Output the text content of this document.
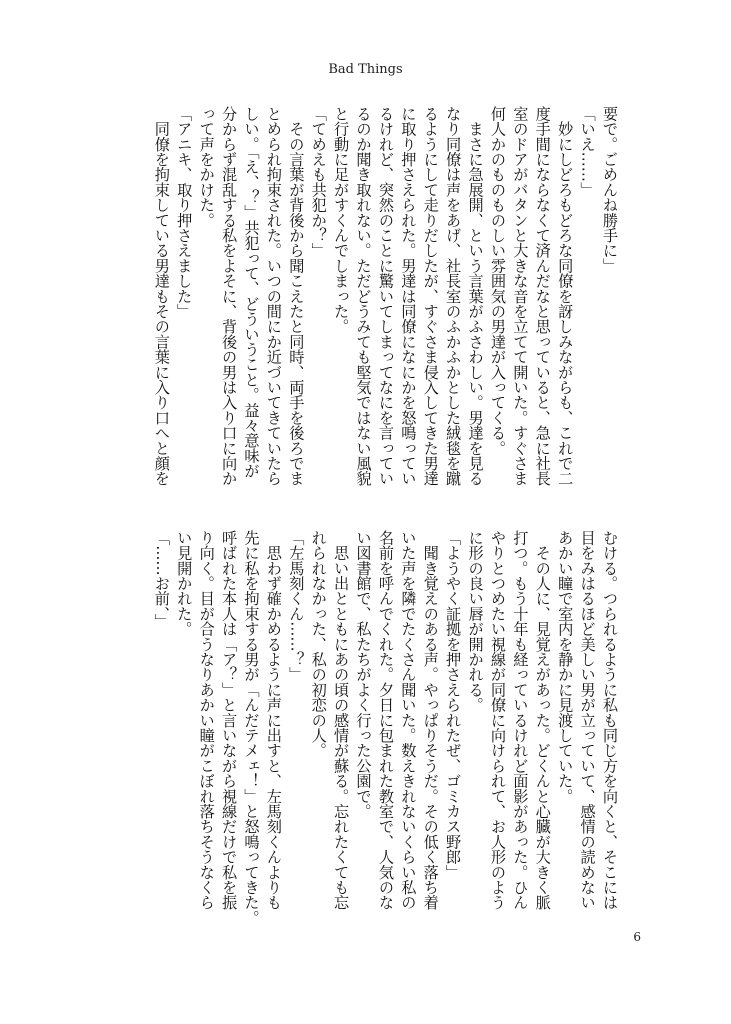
Bad Things

要で。ごめんね勝手に」

「いえ……」

　妙にしどろもどろな同僚を訝しみながらも、これで二

度手間にならなくて済んだなと思っていると、急に社長

室のドアがバタンと大きな音を立てて開いた。すぐさま

何人かのものものしい雰囲気の男達が入ってくる。

　まさに急展開、という言葉がふさわしい。男達を見る

なり同僚は声をあげ、社長室のふかふかとした絨毯を蹴

るようにして走りだしたが、すぐさま侵入してきた男達

に取り押さえられた。男達は同僚になにかを怒鳴ってい

るけれど、突然のことに驚いてしまってなにを言ってい

るのか聞き取れない。ただどうみても堅気ではない風貌

と行動に足がすくんでしまった。

「てめえも共犯か？」

　その言葉が背後から聞こえたと同時、両手を後ろでま

とめられ拘束された。いつの間にか近づいてきていたら

しい。「え、？」共犯って、どういうこと。益々意味が

分からず混乱する私をよそに、背後の男は入り口に向か

って声をかけた。

「アニキ、取り押さえました」

　同僚を拘束している男達もその言葉に入り口へと顔を

むける。つられるように私も同じ方を向くと、そこには

目をみはるほど美しい男が立っていて、感情の読めない

あかい瞳で室内を静かに見渡していた。

　その人に、見覚えがあった。どくんと心臓が大きく脈

打つ。もう十年も経っているけれど面影があった。ひん

やりとつめたい視線が同僚に向けられて、お人形のよう

に形の良い唇が開かれる。

「ようやく証拠を押さえられたぜ、ゴミカス野郎」

　聞き覚えのある声。やっぱりそうだ。その低く落ち着

いた声を隣でたくさん聞いた。数えきれないくらい私の

名前を呼んでくれた。夕日に包まれた教室で、人気のな

い図書館で、私たちがよく行った公園で。

　思い出とともにあの頃の感情が蘇る。忘れたくても忘

れられなかった、私の初恋の人。

「左馬刻くん……？」

　思わず確かめるように声に出すと、左馬刻くんよりも

先に私を拘束する男が「んだテメェ！」と怒鳴ってきた。

呼ばれた本人は「ア？」と言いながら視線だけで私を振

り向く。目が合うなりあかい瞳がこぼれ落ちそうなくら

い見開かれた。

「……お前、」

6
